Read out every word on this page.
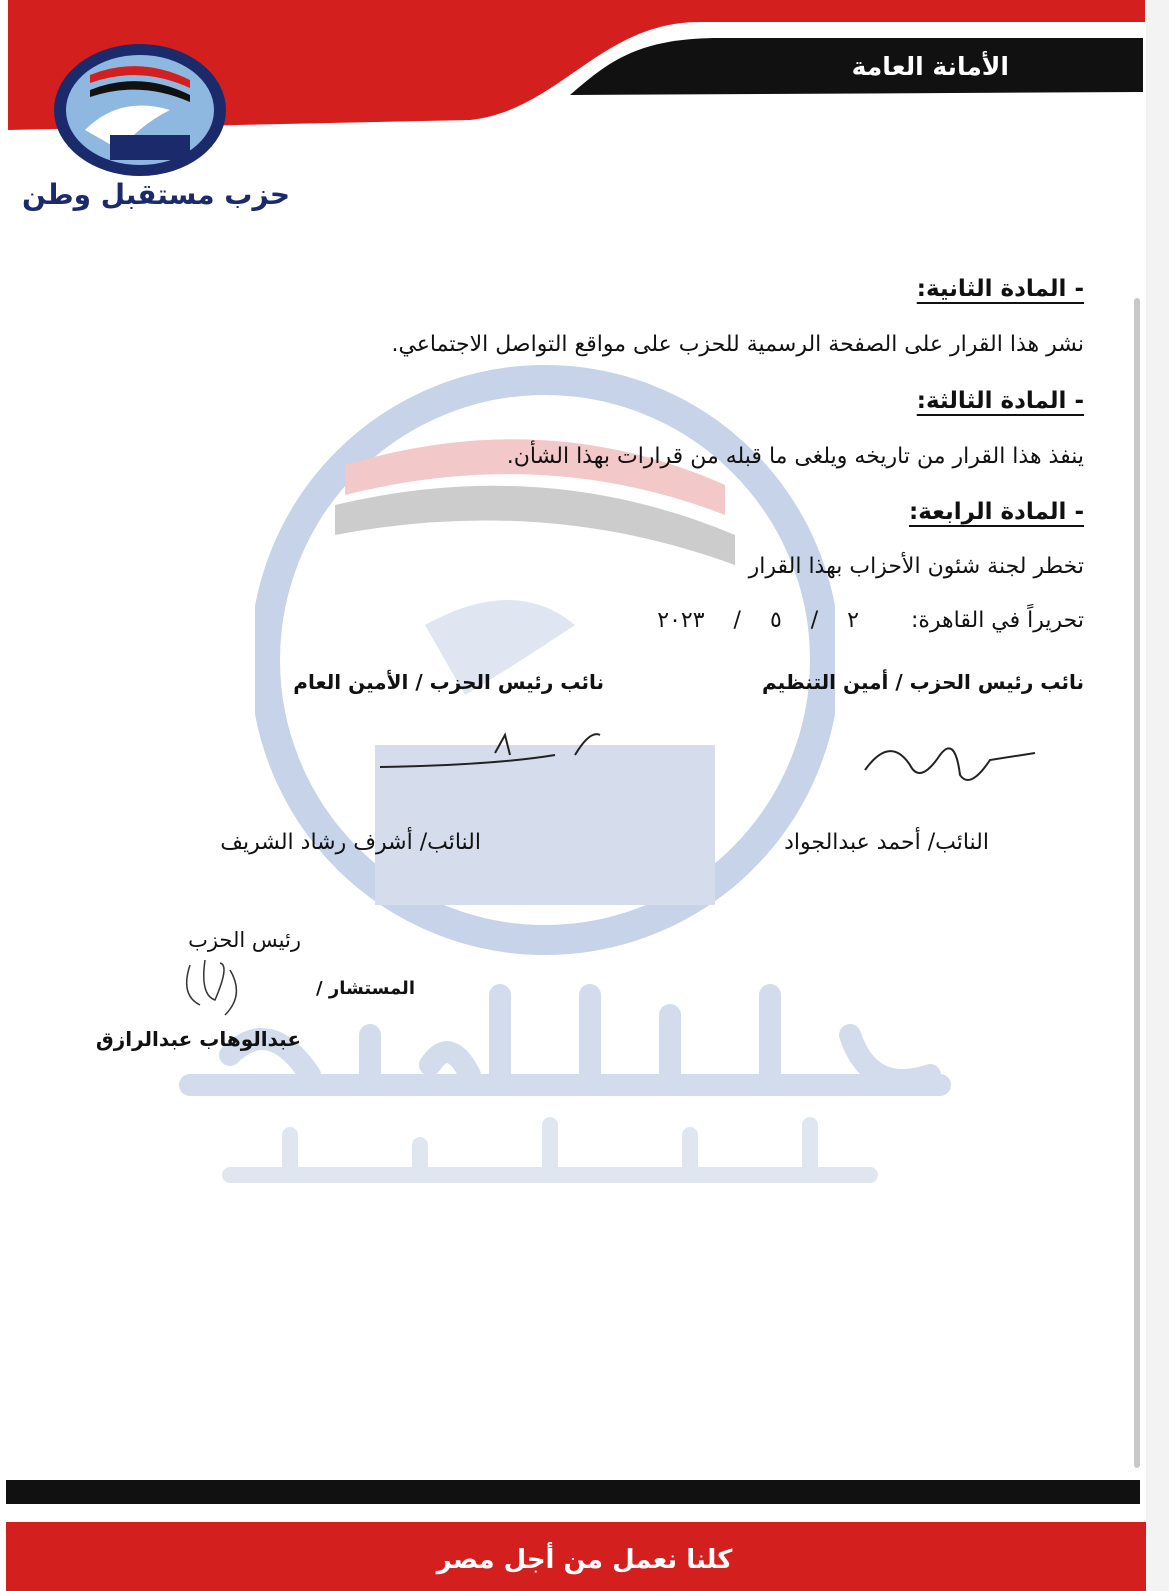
الأمانة العامة
حزب مستقبل وطن
- المادة الثانية:
نشر هذا القرار على الصفحة الرسمية للحزب على مواقع التواصل الاجتماعي.
- المادة الثالثة:
ينفذ هذا القرار من تاريخه ويلغى ما قبله من قرارات بهذا الشأن.
- المادة الرابعة:
تخطر لجنة شئون الأحزاب بهذا القرار
تحريراً في القاهرة:
٢ / ٥ / ٢٠٢٣
نائب رئيس الحزب / أمين التنظيم
نائب رئيس الحزب / الأمين العام
النائب/ أحمد عبدالجواد
النائب/ أشرف رشاد الشريف
رئيس الحزب
المستشار /
عبدالوهاب عبدالرازق
كلنا نعمل من أجل مصر
